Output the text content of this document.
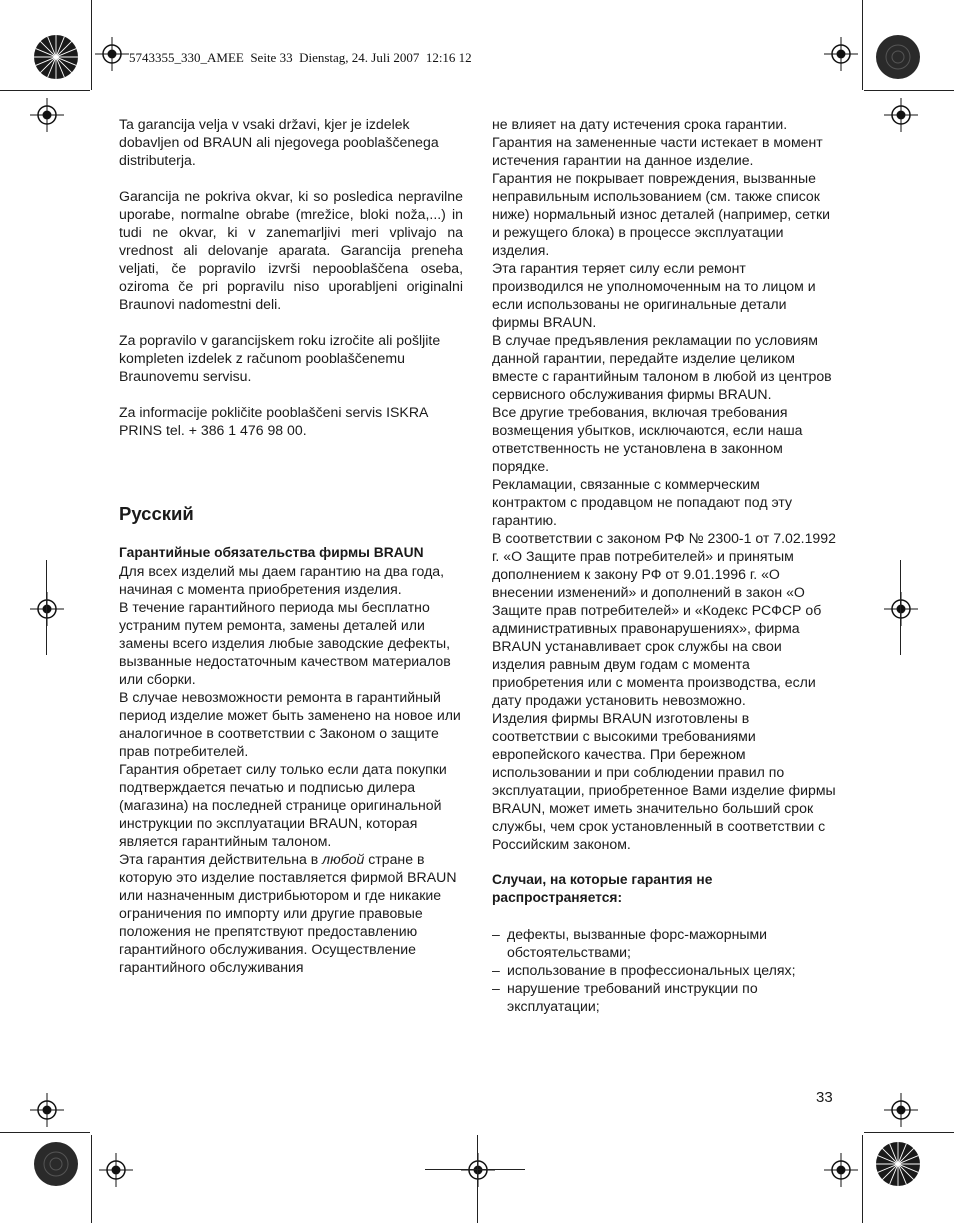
5743355_330_AMEE  Seite 33  Dienstag, 24. Juli 2007  12:16 12

Ta garancija velja v vsaki državi, kjer je izdelek dobavljen od BRAUN ali njegovega pooblaščenega distributerja.

Garancija ne pokriva okvar, ki so posledica nepravilne uporabe, normalne obrabe (mrežice, bloki noža,...) in tudi ne okvar, ki v zanemarljivi meri vplivajo na vrednost ali delovanje aparata. Garancija preneha veljati, če popravilo izvrši nepooblaščena oseba, oziroma če pri popravilu niso uporabljeni originalni Braunovi nadomestni deli.

Za popravilo v garancijskem roku izročite ali pošljite kompleten izdelek z računom pooblaščenemu Braunovemu servisu.

Za informacije pokličite pooblaščeni servis ISKRA PRINS tel. + 386 1 476 98 00.

Русский

Гарантийные обязательства фирмы BRAUN

Для всех изделий мы даем гарантию на два года, начиная с момента приобретения изделия.

В течение гарантийного периода мы бесплатно устраним путем ремонта, замены деталей или замены всего изделия любые заводские дефекты, вызванные недостаточным качеством материалов или сборки.

В случае невозможности ремонта в гарантийный период изделие может быть заменено на новое или аналогичное в соответствии с Законом о защите прав потребителей.

Гарантия обретает силу только если дата покупки подтверждается печатью и подписью дилера (магазина) на последней странице оригинальной инструкции по эксплуатации BRAUN, которая является гарантийным талоном.

Эта гарантия действительна в любой стране в которую это изделие поставляется фирмой BRAUN или назначенным дистрибьютором и где никакие ограничения по импорту или другие правовые положения не препятствуют предоставлению гарантийного обслуживания. Осуществление гарантийного обслуживания

не влияет на дату истечения срока гарантии. Гарантия на замененные части истекает в момент истечения гарантии на данное изделие.

Гарантия не покрывает повреждения, вызванные неправильным использованием (см. также список ниже) нормальный износ деталей (например, сетки и режущего блока) в процессе эксплуатации изделия.

Эта гарантия теряет силу если ремонт производился не уполномоченным на то лицом и если использованы не оригинальные детали фирмы BRAUN.

В случае предъявления рекламации по условиям данной гарантии, передайте изделие целиком вместе с гарантийным талоном в любой из центров сервисного обслуживания фирмы BRAUN.

Все другие требования, включая требования возмещения убытков, исключаются, если наша ответственность не установлена в законном порядке.

Рекламации, связанные с коммерческим контрактом с продавцом не попадают под эту гарантию.

В соответствии с законом РФ № 2300-1 от 7.02.1992 г. «О Защите прав потребителей» и принятым дополнением к закону РФ от 9.01.1996 г. «О внесении изменений» и дополнений в закон «О Защите прав потребителей» и «Кодекс РСФСР об административных правонарушениях», фирма BRAUN устанавливает срок службы на свои изделия равным двум годам с момента приобретения или с момента производства, если дату продажи установить невозможно.

Изделия фирмы BRAUN изготовлены в соответствии с высокими требованиями европейского качества. При бережном использовании и при соблюдении правил по эксплуатации, приобретенное Вами изделие фирмы BRAUN, может иметь значительно больший срок службы, чем срок установленный в соответствии с Российским законом.

Случаи, на которые гарантия не распространяется:

– дефекты, вызванные форс-мажорными обстоятельствами;
– использование в профессиональных целях;
– нарушение требований инструкции по эксплуатации;
33
